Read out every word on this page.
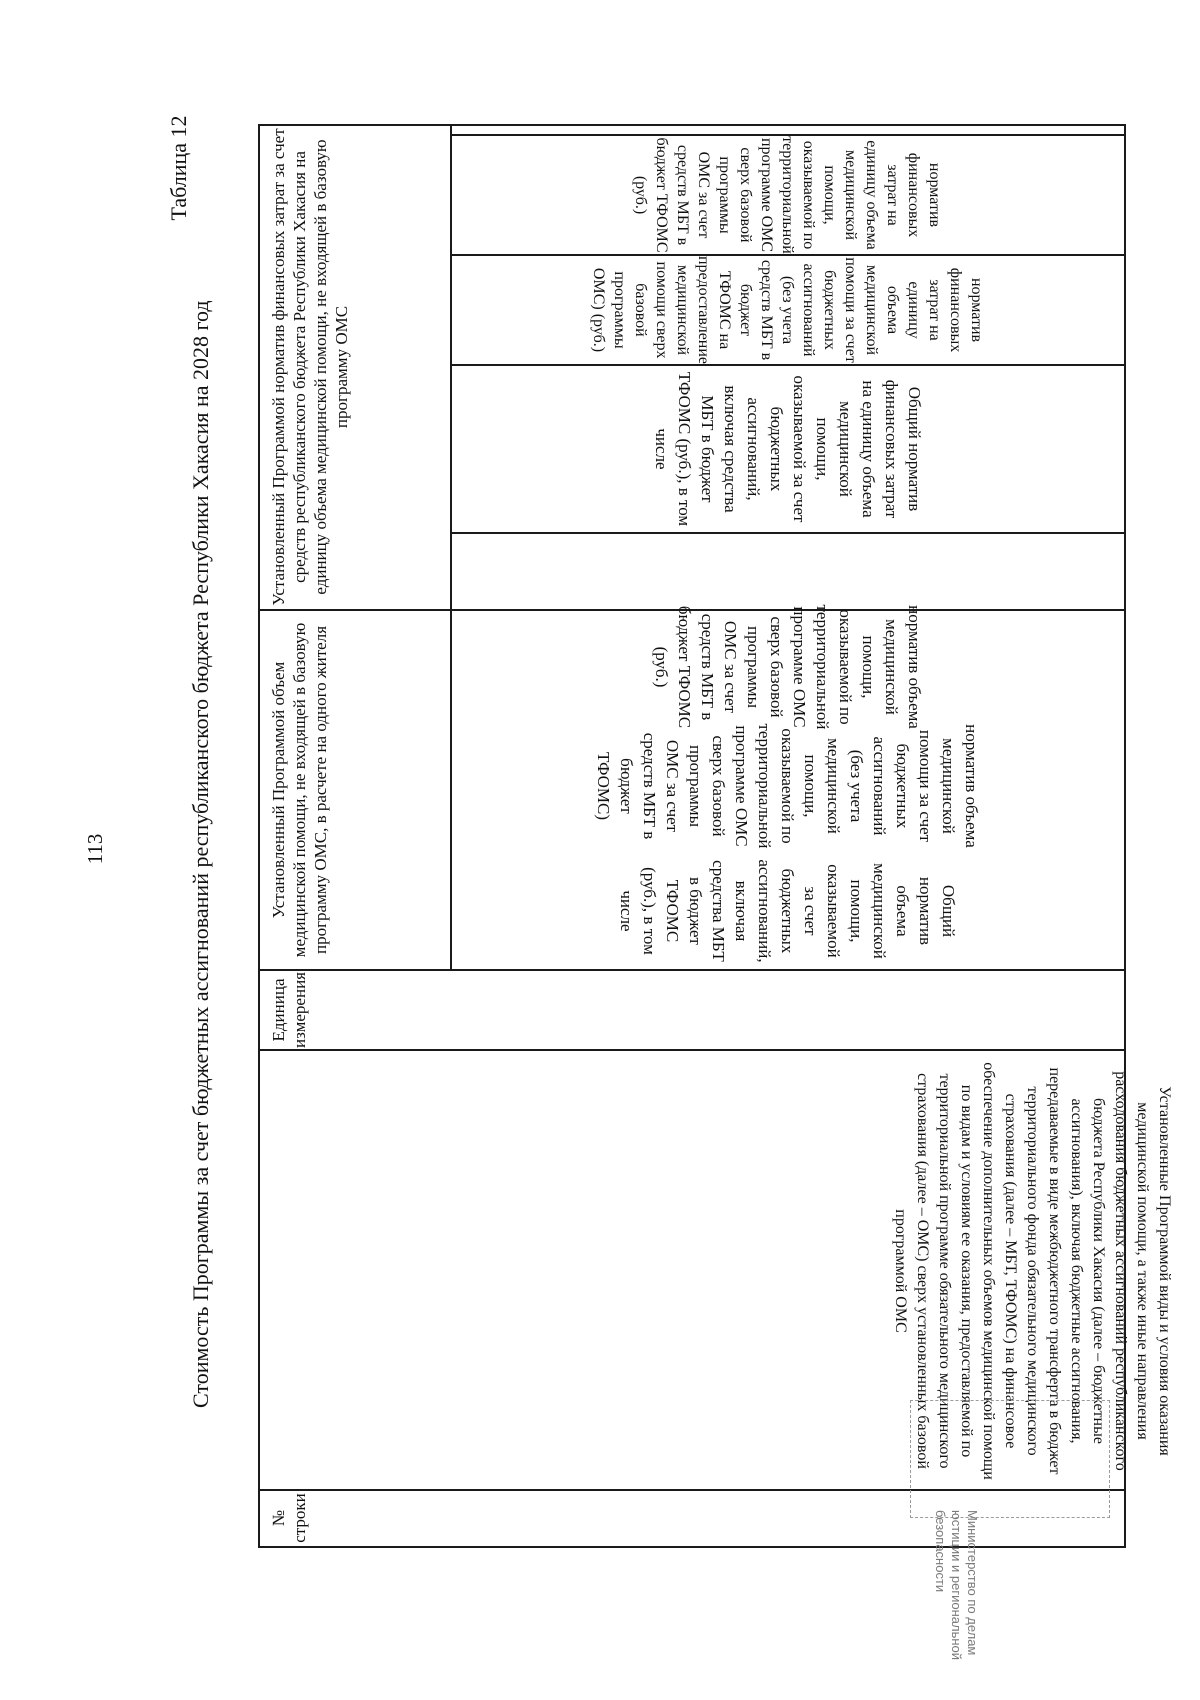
113
Таблица 12
Стоимость Программы за счет бюджетных ассигнований республиканского бюджета Республики Хакасия на 2028 год
№ строки
Единица измерения
Установленный Программой объем медицинской помощи, не входящей в базовую программу ОМС, в расчете на одного жителя
Установленный Программой норматив финансовых затрат за счет средств республиканского бюджета Республики Хакасия на единицу объема медицинской помощи, не входящей в базовую программу ОМС
Установленные Программой виды и условия оказания медицинской помощи, а также иные направления расходования бюджетных ассигнований республиканского бюджета Республики Хакасия (далее – бюджетные ассигнования), включая бюджетные ассигнования, передаваемые в виде межбюджетного трансферта в бюджет территориального фонда обязательного медицинского страхования (далее – МБТ, ТФОМС) на финансовое обеспечение дополнительных объемов медицинской помощи по видам и условиям ее оказания, предоставляемой по территориальной программе обязательного медицинского страхования (далее – ОМС) сверх установленных базовой программой ОМС
Общий норматив объема медицинской помощи, оказываемой за счет бюджетных ассигнований, включая средства МБТ в бюджет ТФОМС (руб.), в том числе
норматив объема медицинской помощи за счет бюджетных ассигнований (без учета медицинской помощи, оказываемой по территориальной программе ОМС сверх базовой программы ОМС за счет средств МБТ в бюджет ТФОМС)
норматив объема медицинской помощи, оказываемой по территориальной программе ОМС сверх базовой программы ОМС за счет средств МБТ в бюджет ТФОМС (руб.)
Общий норматив финансовых затрат на единицу объема медицинской помощи, оказываемой за счет бюджетных ассигнований, включая средства МБТ в бюджет ТФОМС (руб.), в том числе
норматив финансовых затрат на единицу объема медицинской помощи за счет бюджетных ассигнований (без учета средств МБТ в бюджет ТФОМС на предоставление медицинской помощи сверх базовой программы ОМС) (руб.)
норматив финансовых затрат на единицу объема медицинской помощи, оказываемой по территориальной программе ОМС сверх базовой программы ОМС за счет средств МБТ в бюджет ТФОМС (руб.)
Министерство по делам юстиции и региональной безопасности
